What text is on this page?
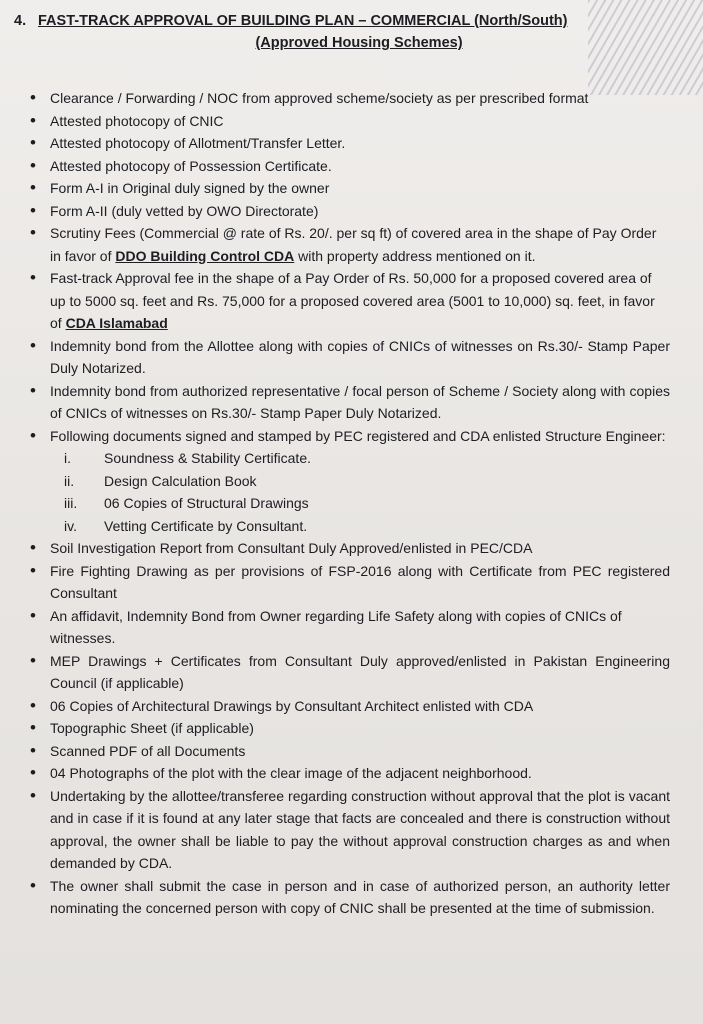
4. FAST-TRACK APPROVAL OF BUILDING PLAN – COMMERCIAL (North/South)
(Approved Housing Schemes)
• Clearance / Forwarding / NOC from approved scheme/society as per prescribed format
• Attested photocopy of CNIC
• Attested photocopy of Allotment/Transfer Letter.
• Attested photocopy of Possession Certificate.
• Form A-I in Original duly signed by the owner
• Form A-II (duly vetted by OWO Directorate)
• Scrutiny Fees (Commercial @ rate of Rs. 20/. per sq ft) of covered area in the shape of Pay Order in favor of DDO Building Control CDA with property address mentioned on it.
• Fast-track Approval fee in the shape of a Pay Order of Rs. 50,000 for a proposed covered area of up to 5000 sq. feet and Rs. 75,000 for a proposed covered area (5001 to 10,000) sq. feet, in favor of CDA Islamabad
• Indemnity bond from the Allottee along with copies of CNICs of witnesses on Rs.30/- Stamp Paper Duly Notarized.
• Indemnity bond from authorized representative / focal person of Scheme / Society along with copies of CNICs of witnesses on Rs.30/- Stamp Paper Duly Notarized.
• Following documents signed and stamped by PEC registered and CDA enlisted Structure Engineer:
i.	Soundness & Stability Certificate.
ii.	Design Calculation Book
iii.	06 Copies of Structural Drawings
iv.	Vetting Certificate by Consultant.
• Soil Investigation Report from Consultant Duly Approved/enlisted in PEC/CDA
• Fire Fighting Drawing as per provisions of FSP-2016 along with Certificate from PEC registered Consultant
• An affidavit, Indemnity Bond from Owner regarding Life Safety along with copies of CNICs of witnesses.
• MEP Drawings + Certificates from Consultant Duly approved/enlisted in Pakistan Engineering Council (if applicable)
• 06 Copies of Architectural Drawings by Consultant Architect enlisted with CDA
• Topographic Sheet (if applicable)
• Scanned PDF of all Documents
• 04 Photographs of the plot with the clear image of the adjacent neighborhood.
• Undertaking by the allottee/transferee regarding construction without approval that the plot is vacant and in case if it is found at any later stage that facts are concealed and there is construction without approval, the owner shall be liable to pay the without approval construction charges as and when demanded by CDA.
• The owner shall submit the case in person and in case of authorized person, an authority letter nominating the concerned person with copy of CNIC shall be presented at the time of submission.
